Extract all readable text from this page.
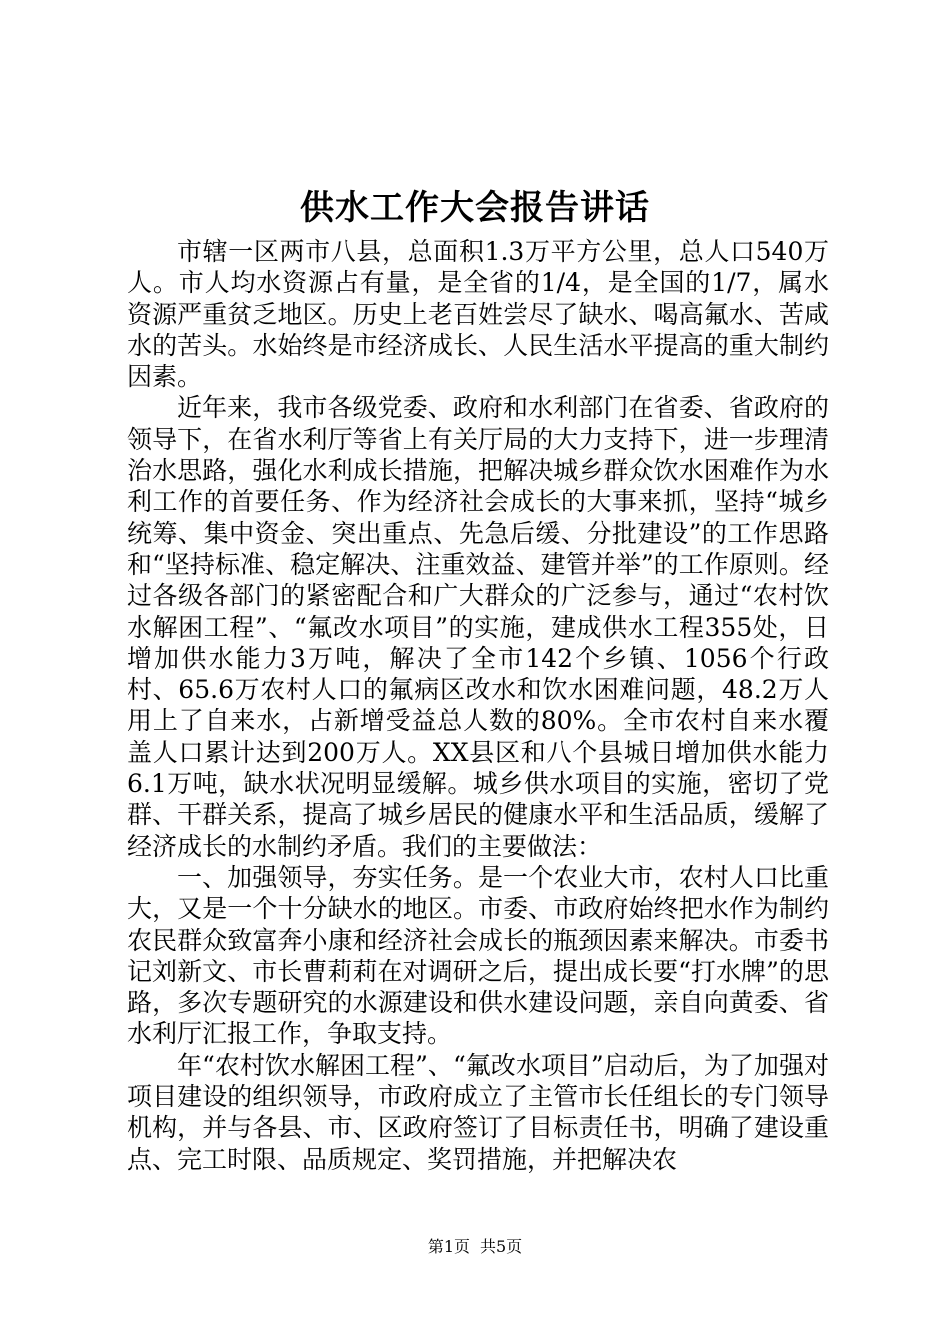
供水工作大会报告讲话

市辖一区两市八县，总面积1.3万平方公里，总人口540万人。市人均水资源占有量，是全省的1/4，是全国的1/7，属水资源严重贫乏地区。历史上老百姓尝尽了缺水、喝高氟水、苦咸水的苦头。水始终是市经济成长、人民生活水平提高的重大制约因素。

近年来，我市各级党委、政府和水利部门在省委、省政府的领导下，在省水利厅等省上有关厅局的大力支持下，进一步理清治水思路，强化水利成长措施，把解决城乡群众饮水困难作为水利工作的首要任务、作为经济社会成长的大事来抓，坚持“城乡统筹、集中资金、突出重点、先急后缓、分批建设”的工作思路和“坚持标准、稳定解决、注重效益、建管并举”的工作原则。经过各级各部门的紧密配合和广大群众的广泛参与，通过“农村饮水解困工程”、“氟改水项目”的实施，建成供水工程355处，日增加供水能力3万吨，解决了全市142个乡镇、1056个行政村、65.6万农村人口的氟病区改水和饮水困难问题，48.2万人用上了自来水，占新增受益总人数的80%。全市农村自来水覆盖人口累计达到200万人。XX县区和八个县城日增加供水能力6.1万吨，缺水状况明显缓解。城乡供水项目的实施，密切了党群、干群关系，提高了城乡居民的健康水平和生活品质，缓解了经济成长的水制约矛盾。我们的主要做法：

一、加强领导，夯实任务。是一个农业大市，农村人口比重大，又是一个十分缺水的地区。市委、市政府始终把水作为制约农民群众致富奔小康和经济社会成长的瓶颈因素来解决。市委书记刘新文、市长曹莉莉在对调研之后，提出成长要“打水牌”的思路，多次专题研究的水源建设和供水建设问题，亲自向黄委、省水利厅汇报工作，争取支持。

年“农村饮水解困工程”、“氟改水项目”启动后，为了加强对项目建设的组织领导，市政府成立了主管市长任组长的专门领导机构，并与各县、市、区政府签订了目标责任书，明确了建设重点、完工时限、品质规定、奖罚措施，并把解决农

第1页 共5页
